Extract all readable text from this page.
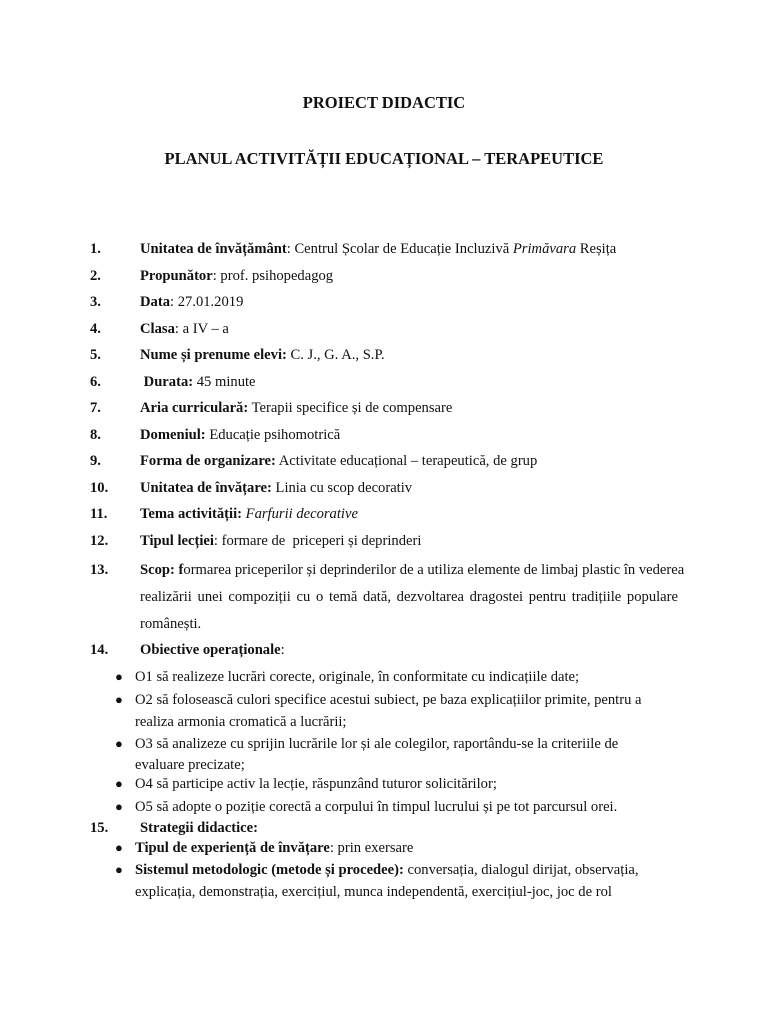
PROIECT DIDACTIC
PLANUL ACTIVITĂȚII EDUCAȚIONAL – TERAPEUTICE
1.	Unitatea de învățământ: Centrul Școlar de Educație Incluzivă Primăvara Reșița
2.	Propunător: prof. psihopedagog
3.	Data: 27.01.2019
4.	Clasa: a IV – a
5.	Nume și prenume elevi: C. J., G. A., S.P.
6.	Durata: 45 minute
7.	Aria curriculară: Terapii specifice și de compensare
8.	Domeniul: Educație psihomotrică
9.	Forma de organizare: Activitate educațional – terapeutică, de grup
10. Unitatea de învățare: Linia cu scop decorativ
11. Tema activității: Farfurii decorative
12. Tipul lecției: formare de  priceperi și deprinderi
13. Scop: formarea priceperilor și deprinderilor de a utiliza elemente de limbaj plastic în vederea
realizării unei compoziții cu o temă dată, dezvoltarea dragostei pentru tradițiile populare
românești.
14. Obiective operaționale:
● O1 să realizeze lucrări corecte, originale, în conformitate cu indicațiile date;
● O2 să folosească culori specifice acestui subiect, pe baza explicațiilor primite, pentru a
realiza armonia cromatică a lucrării;
● O3 să analizeze cu sprijin lucrările lor și ale colegilor, raportându-se la criteriile de
evaluare precizate;
● O4 să participe activ la lecție, răspunzând tuturor solicitărilor;
● O5 să adopte o poziție corectă a corpului în timpul lucrului și pe tot parcursul orei.
15. Strategii didactice:
● Tipul de experiență de învățare: prin exersare
● Sistemul metodologic (metode și procedee): conversația, dialogul dirijat, observația,
explicația, demonstrația, exercițiul, munca independentă, exercițiul-joc, joc de rol
